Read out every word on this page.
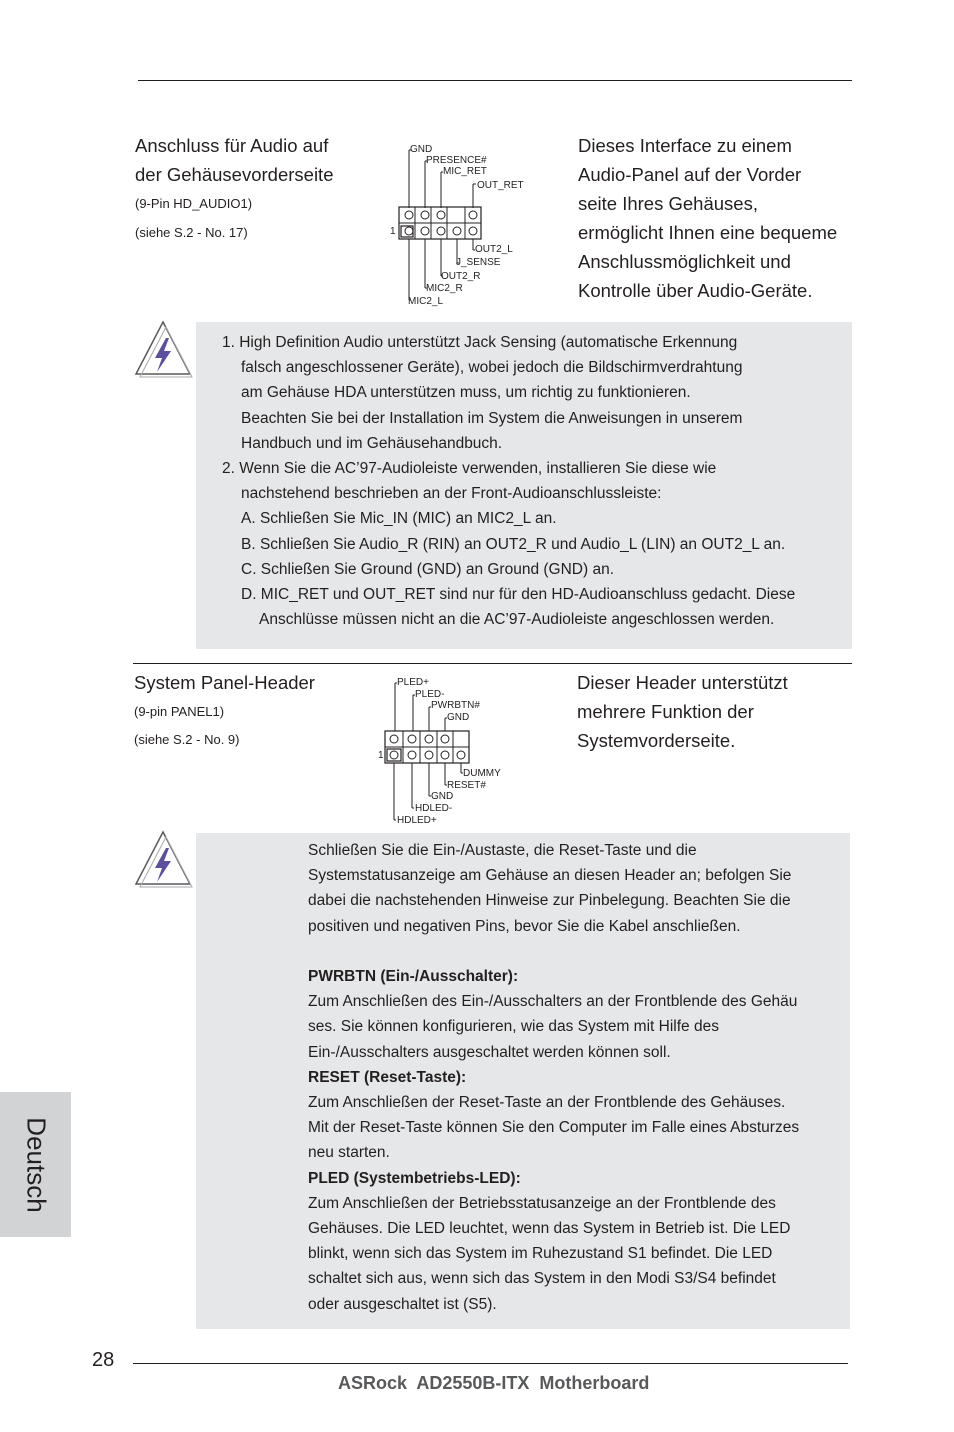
Anschluss für Audio auf
der Gehäusevorderseite
(9-Pin HD_AUDIO1)
(siehe S.2 - No. 17)
GND
PRESENCE#
MIC_RET
OUT_RET
1
OUT2_L
J_SENSE
OUT2_R
MIC2_R
MIC2_L
Dieses Interface zu einem
Audio-Panel auf der Vorder
seite Ihres Gehäuses,
ermöglicht Ihnen eine bequeme
Anschlussmöglichkeit und
Kontrolle über Audio-Geräte.

1. High Definition Audio unterstützt Jack Sensing (automatische Erkennung

falsch angeschlossener Geräte), wobei jedoch die Bildschirmverdrahtung

am Gehäuse HDA unterstützen muss, um richtig zu funktionieren.

Beachten Sie bei der Installation im System die Anweisungen in unserem

Handbuch und im Gehäusehandbuch.

2. Wenn Sie die AC’97-Audioleiste verwenden, installieren Sie diese wie

nachstehend beschrieben an der Front-Audioanschlussleiste:

A. Schließen Sie Mic_IN (MIC) an MIC2_L an.

B. Schließen Sie Audio_R (RIN) an OUT2_R und Audio_L (LIN) an OUT2_L an.

C. Schließen Sie Ground (GND) an Ground (GND) an.

D. MIC_RET und OUT_RET sind nur für den HD-Audioanschluss gedacht. Diese

Anschlüsse müssen nicht an die AC’97-Audioleiste angeschlossen werden.

System Panel-Header
(9-pin PANEL1)
(siehe S.2 - No. 9)
PLED+
PLED-
PWRBTN#
GND
1
DUMMY
RESET#
GND
HDLED-
HDLED+
Dieser Header unterstützt
mehrere Funktion der
Systemvorderseite.

Schließen Sie die Ein-/Austaste, die Reset-Taste und die

Systemstatusanzeige am Gehäuse an diesen Header an; befolgen Sie

dabei die nachstehenden Hinweise zur Pinbelegung. Beachten Sie die

positiven und negativen Pins, bevor Sie die Kabel anschließen.

PWRBTN (Ein-/Ausschalter):

Zum Anschließen des Ein-/Ausschalters an der Frontblende des Gehäu

ses. Sie können konfigurieren, wie das System mit Hilfe des

Ein-/Ausschalters ausgeschaltet werden können soll.

RESET (Reset-Taste):

Zum Anschließen der Reset-Taste an der Frontblende des Gehäuses.

Mit der Reset-Taste können Sie den Computer im Falle eines Absturzes

neu starten.

PLED (Systembetriebs-LED):

Zum Anschließen der Betriebsstatusanzeige an der Frontblende des

Gehäuses. Die LED leuchtet, wenn das System in Betrieb ist. Die LED

blinkt, wenn sich das System im Ruhezustand S1 befindet. Die LED

schaltet sich aus, wenn sich das System in den Modi S3/S4 befindet

oder ausgeschaltet ist (S5).

Deutsch
28
ASRock  AD2550B-ITX  Motherboard
